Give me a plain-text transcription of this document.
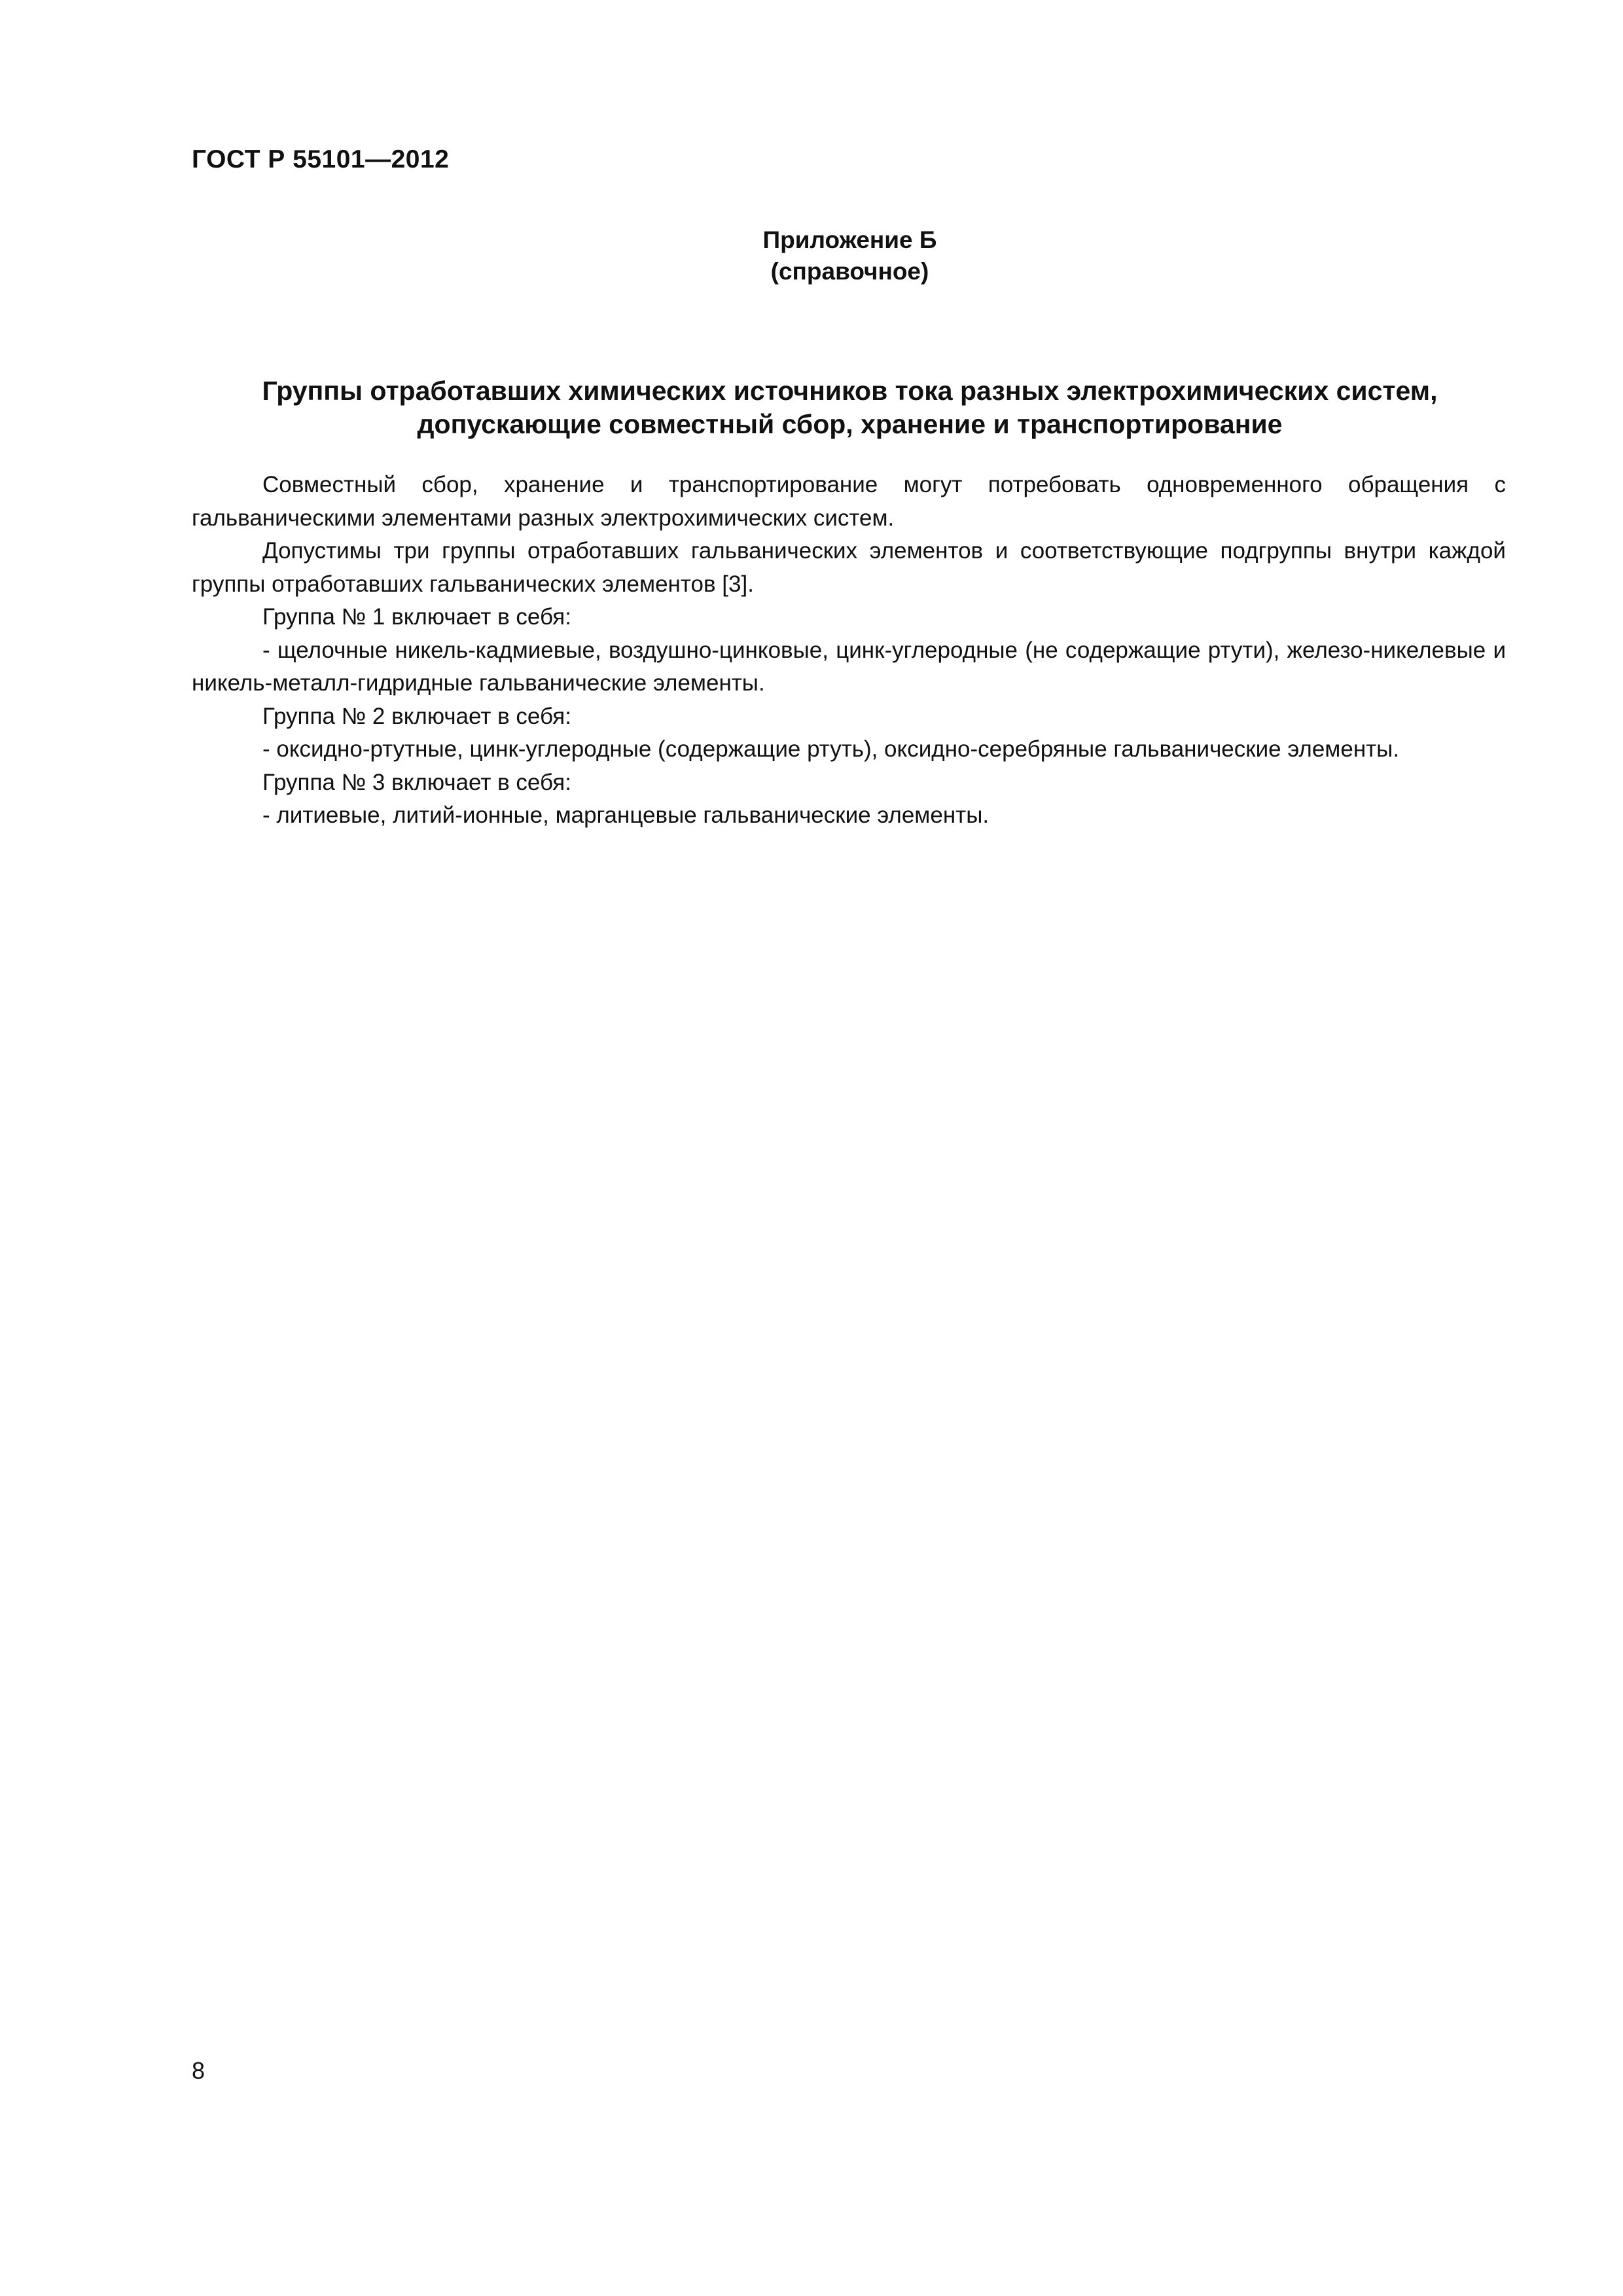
ГОСТ Р 55101—2012
Приложение Б
(справочное)
Группы отработавших химических источников тока разных электрохимических систем,
допускающие совместный сбор, хранение и транспортирование

Совместный сбор, хранение и транспортирование могут потребовать одновременного обращения с гальваническими элементами разных электрохимических систем.

Допустимы три группы отработавших гальванических элементов и соответствующие подгруппы внутри каждой группы отработавших гальванических элементов [3].

Группа № 1 включает в себя:

- щелочные никель-кадмиевые, воздушно-цинковые, цинк-углеродные (не содержащие ртути), железо-никелевые и никель-металл-гидридные гальванические элементы.

Группа № 2 включает в себя:

- оксидно-ртутные, цинк-углеродные (содержащие ртуть), оксидно-серебряные гальванические элементы.

Группа № 3 включает в себя:

- литиевые, литий-ионные, марганцевые гальванические элементы.

8
